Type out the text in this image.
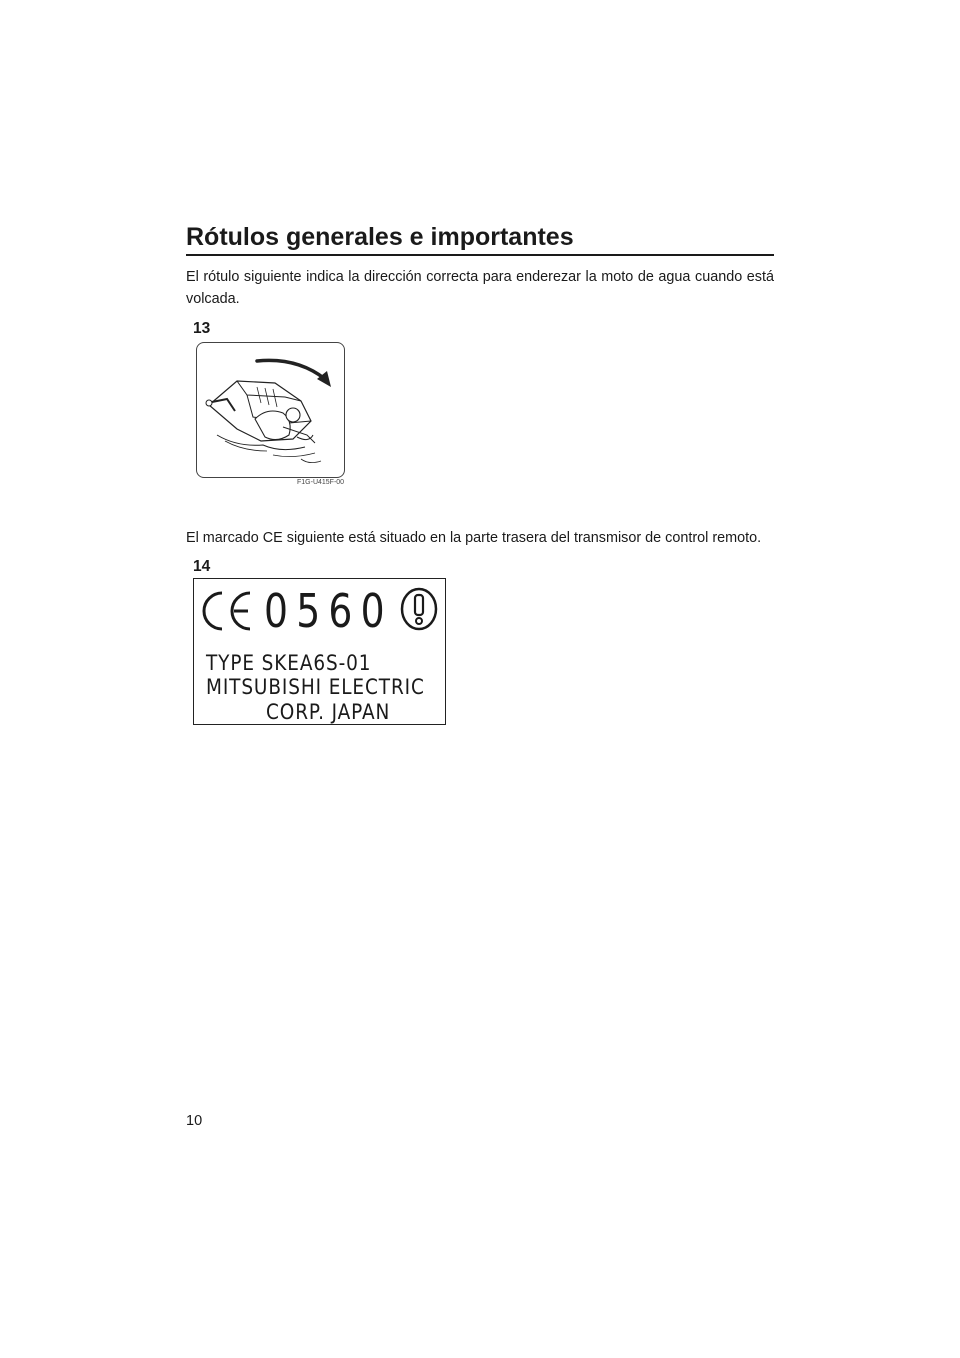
Rótulos generales e importantes

El rótulo siguiente indica la dirección correcta para enderezar la moto de agua cuando está volcada.

13
F1G-U415F-00

El marcado CE siguiente está situado en la parte trasera del transmisor de control remoto.

14
0560
TYPE SKEA6S-01
MITSUBISHI ELECTRIC
CORP. JAPAN
10
